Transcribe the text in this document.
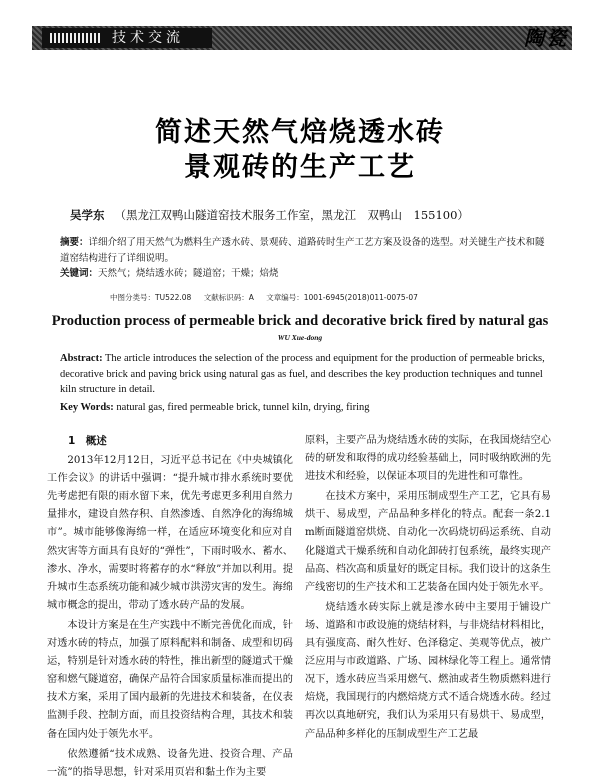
技术交流	陶瓷
简述天然气焙烧透水砖
景观砖的生产工艺
吴学东 （黑龙江双鸭山隧道窑技术服务工作室，黑龙江　双鸭山　155100）
摘要：详细介绍了用天然气为燃料生产透水砖、景观砖、道路砖时生产工艺方案及设备的选型。对关键生产技术和隧道窑结构进行了详细说明。
关键词：天然气；烧结透水砖；隧道窑；干燥；焙烧
中图分类号：TU522.08 文献标识码：A 文章编号：1001-6945(2018)011-0075-07
Production process of permeable brick and decorative brick fired by natural gas
WU Xue-dong
Abstract: The article introduces the selection of the process and equipment for the production of permeable bricks, decorative brick and paving brick using natural gas as fuel, and describes the key production techniques and tunnel kiln structure in detail.
Key Words: natural gas, fired permeable brick, tunnel kiln, drying, firing

1　概述

2013年12月12日，习近平总书记在《中央城镇化工作会议》的讲话中强调：“提升城市排水系统时要优先考虑把有限的雨水留下来，优先考虑更多利用自然力量排水，建设自然存积、自然渗透、自然净化的海绵城市”。城市能够像海绵一样，在适应环境变化和应对自然灾害等方面具有良好的“弹性”，下雨时吸水、蓄水、渗水、净水，需要时将蓄存的水“释放”并加以利用。提升城市生态系统功能和减少城市洪涝灾害的发生。海绵城市概念的提出，带动了透水砖产品的发展。

本设计方案是在生产实践中不断完善优化而成，针对透水砖的特点，加强了原料配料和制备、成型和切码运，特别是针对透水砖的特性，推出新型的隧道式干燥窑和燃气隧道窑，确保产品符合国家质量标准而提出的技术方案，采用了国内最新的先进技术和装备，在仪表监测手段、控制方面，而且投资结构合理，其技术和装备在国内处于领先水平。

依然遵循“技术成熟、设备先进、投资合理、产品一流”的指导思想，针对采用页岩和黏土作为主要

原料，主要产品为烧结透水砖的实际，在我国烧结空心砖的研发和取得的成功经验基础上，同时吸纳欧洲的先进技术和经验，以保证本项目的先进性和可靠性。

在技术方案中，采用压制成型生产工艺，它具有易烘干、易成型，产品品种多样化的特点。配套一条2.1 m断面隧道窑烘烧、自动化一次码烧切码运系统、自动化隧道式干燥系统和自动化卸砖打包系统，最终实现产品高、档次高和质量好的既定目标。我们设计的这条生产线密切的生产技术和工艺装备在国内处于领先水平。

烧结透水砖实际上就是渗水砖中主要用于铺设广场、道路和市政设施的烧结材料，与非烧结材料相比，具有强度高、耐久性好、色泽稳定、美观等优点，被广泛应用与市政道路、广场、园林绿化等工程上。通常情况下，透水砖应当采用燃气、燃油或者生物质燃料进行焙烧，我国现行的内燃焙烧方式不适合烧透水砖。经过再次以真地研究，我们认为采用只有易烘干、易成型，产品品种多样化的压制成型生产工艺最
